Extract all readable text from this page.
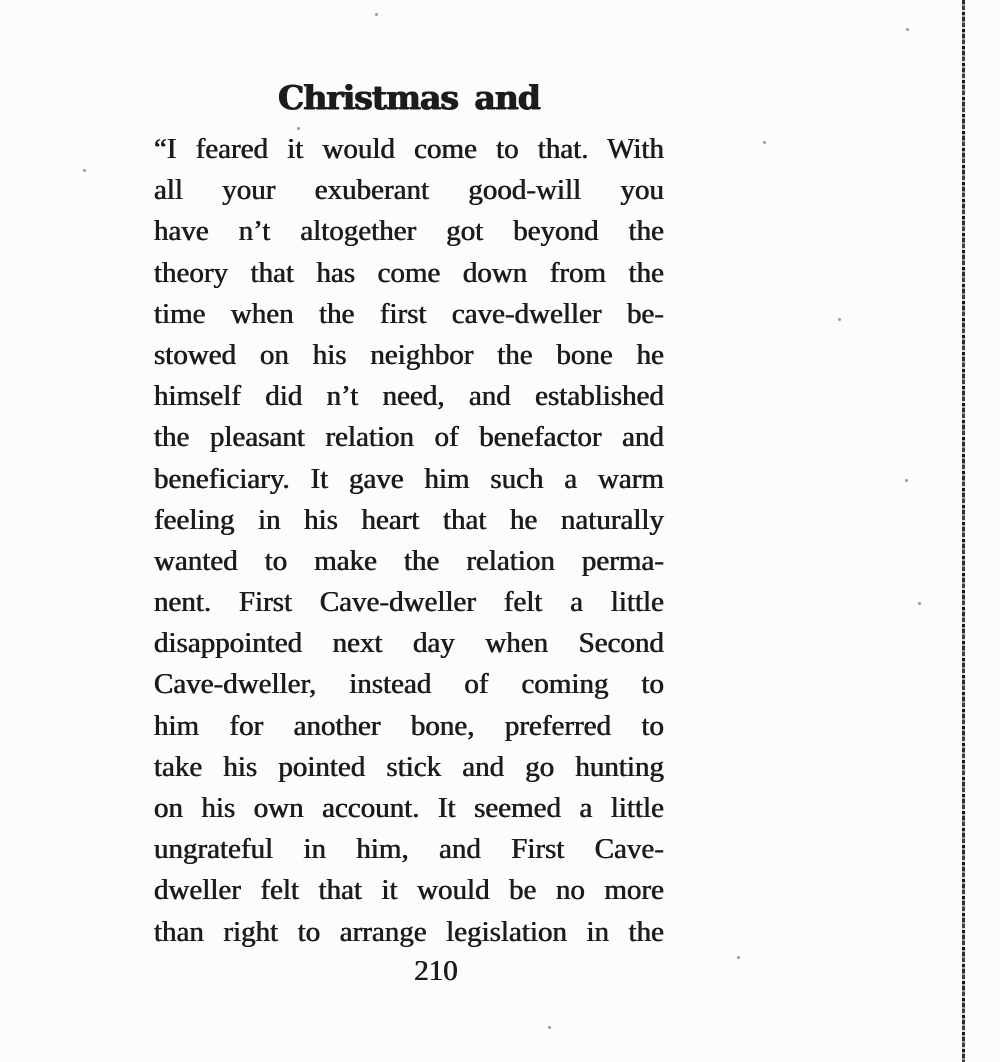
Christmas and
“I feared it would come to that. With
all your exuberant good-will you
have n’t altogether got beyond the
theory that has come down from the
time when the first cave-dweller be-
stowed on his neighbor the bone he
himself did n’t need, and established
the pleasant relation of benefactor and
beneficiary. It gave him such a warm
feeling in his heart that he naturally
wanted to make the relation perma-
nent. First Cave-dweller felt a little
disappointed next day when Second
Cave-dweller, instead of coming to
him for another bone, preferred to
take his pointed stick and go hunting
on his own account. It seemed a little
ungrateful in him, and First Cave-
dweller felt that it would be no more
than right to arrange legislation in the
210
